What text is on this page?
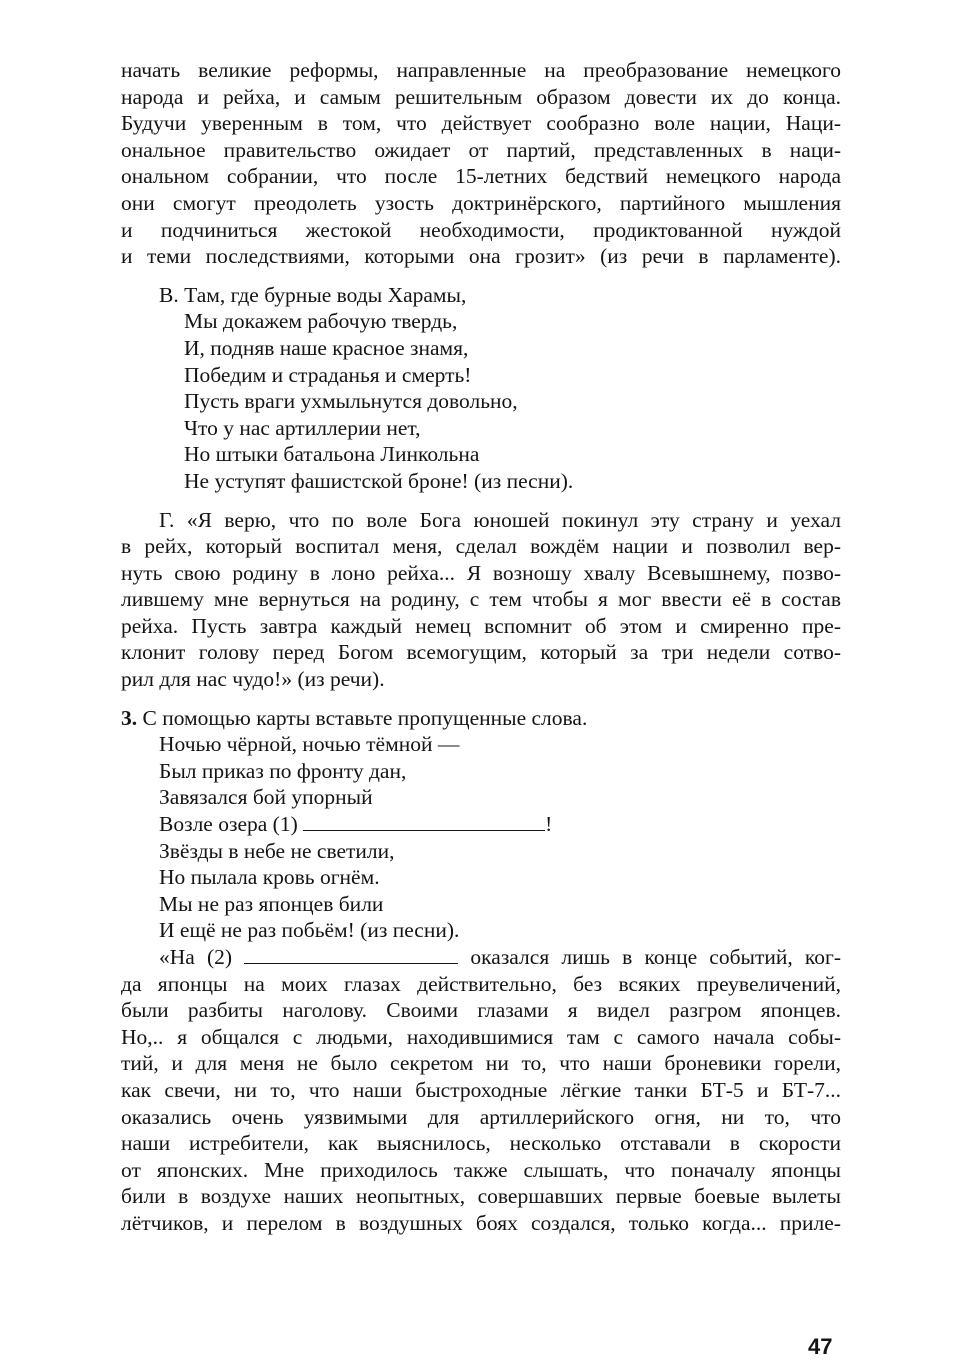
начать великие реформы, направленные на преобразование немецкого
народа и рейха, и самым решительным образом довести их до конца.
Будучи уверенным в том, что действует сообразно воле нации, Наци-
ональное правительство ожидает от партий, представленных в наци-
ональном собрании, что после 15-летних бедствий немецкого народа
они смогут преодолеть узость доктринёрского, партийного мышления
и подчиниться жестокой необходимости, продиктованной нуждой
и теми последствиями, которыми она грозит» (из речи в парламенте).
В. Там, где бурные воды Харамы,
Мы докажем рабочую твердь,
И, подняв наше красное знамя,
Победим и страданья и смерть!
Пусть враги ухмыльнутся довольно,
Что у нас артиллерии нет,
Но штыки батальона Линкольна
Не уступят фашистской броне! (из песни).
Г. «Я верю, что по воле Бога юношей покинул эту страну и уехал
в рейх, который воспитал меня, сделал вождём нации и позволил вер-
нуть свою родину в лоно рейха... Я возношу хвалу Всевышнему, позво-
лившему мне вернуться на родину, с тем чтобы я мог ввести её в состав
рейха. Пусть завтра каждый немец вспомнит об этом и смиренно пре-
клонит голову перед Богом всемогущим, который за три недели сотво-
рил для нас чудо!» (из речи).
3. С помощью карты вставьте пропущенные слова.
Ночью чёрной, ночью тёмной —
Был приказ по фронту дан,
Завязался бой упорный
Возле озера (1)	!
Звёзды в небе не светили,
Но пылала кровь огнём.
Мы не раз японцев били
И ещё не раз побьём! (из песни).
«На (2)	оказался лишь в конце событий, ког-
да японцы на моих глазах действительно, без всяких преувеличений,
были разбиты наголову. Своими глазами я видел разгром японцев.
Но,.. я общался с людьми, находившимися там с самого начала собы-
тий, и для меня не было секретом ни то, что наши броневики горели,
как свечи, ни то, что наши быстроходные лёгкие танки БТ-5 и БТ-7...
оказались очень уязвимыми для артиллерийского огня, ни то, что
наши истребители, как выяснилось, несколько отставали в скорости
от японских. Мне приходилось также слышать, что поначалу японцы
били в воздухе наших неопытных, совершавших первые боевые вылеты
лётчиков, и перелом в воздушных боях создался, только когда... приле-
47
